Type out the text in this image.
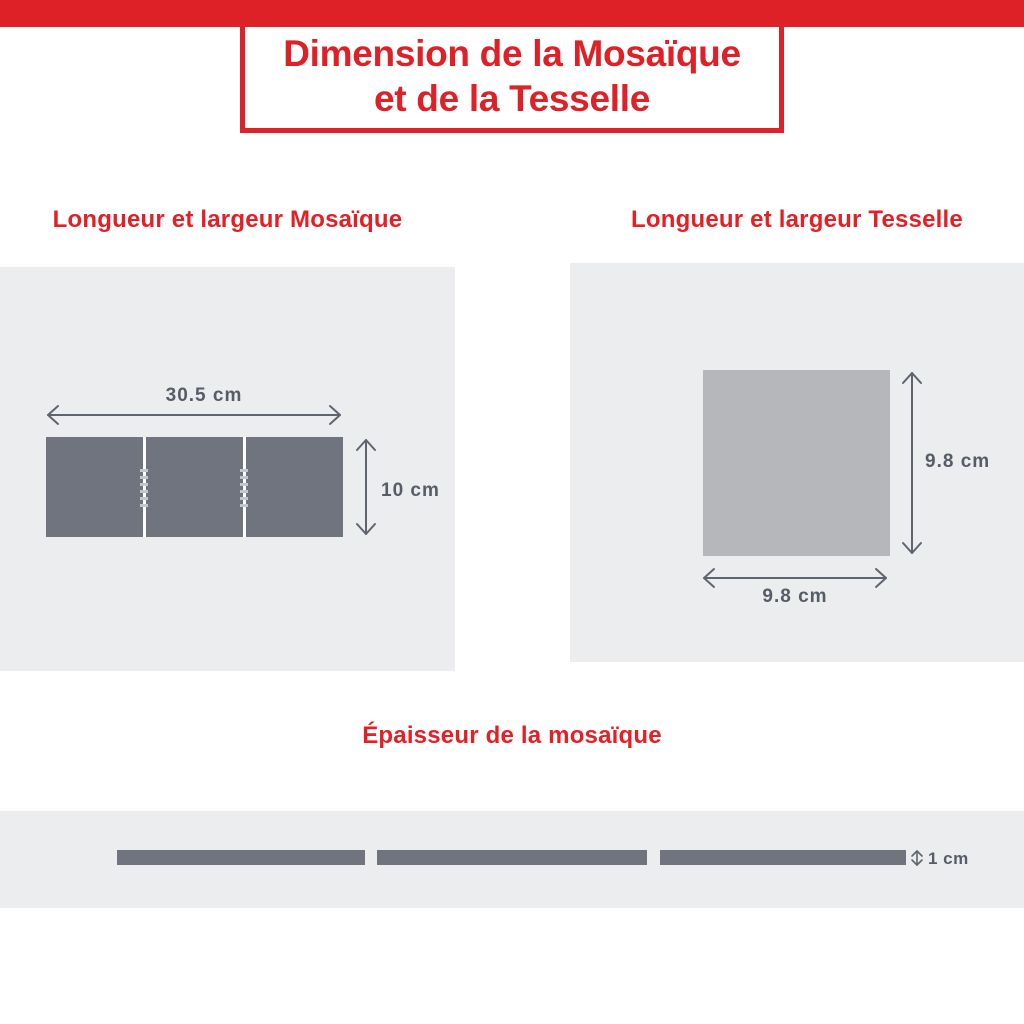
Dimension de la Mosaïque
et de la Tesselle
Longueur et largeur Mosaïque	Longueur et largeur Tesselle
Épaisseur de la mosaïque
30.5 cm
10 cm
9.8 cm
9.8 cm
1 cm
